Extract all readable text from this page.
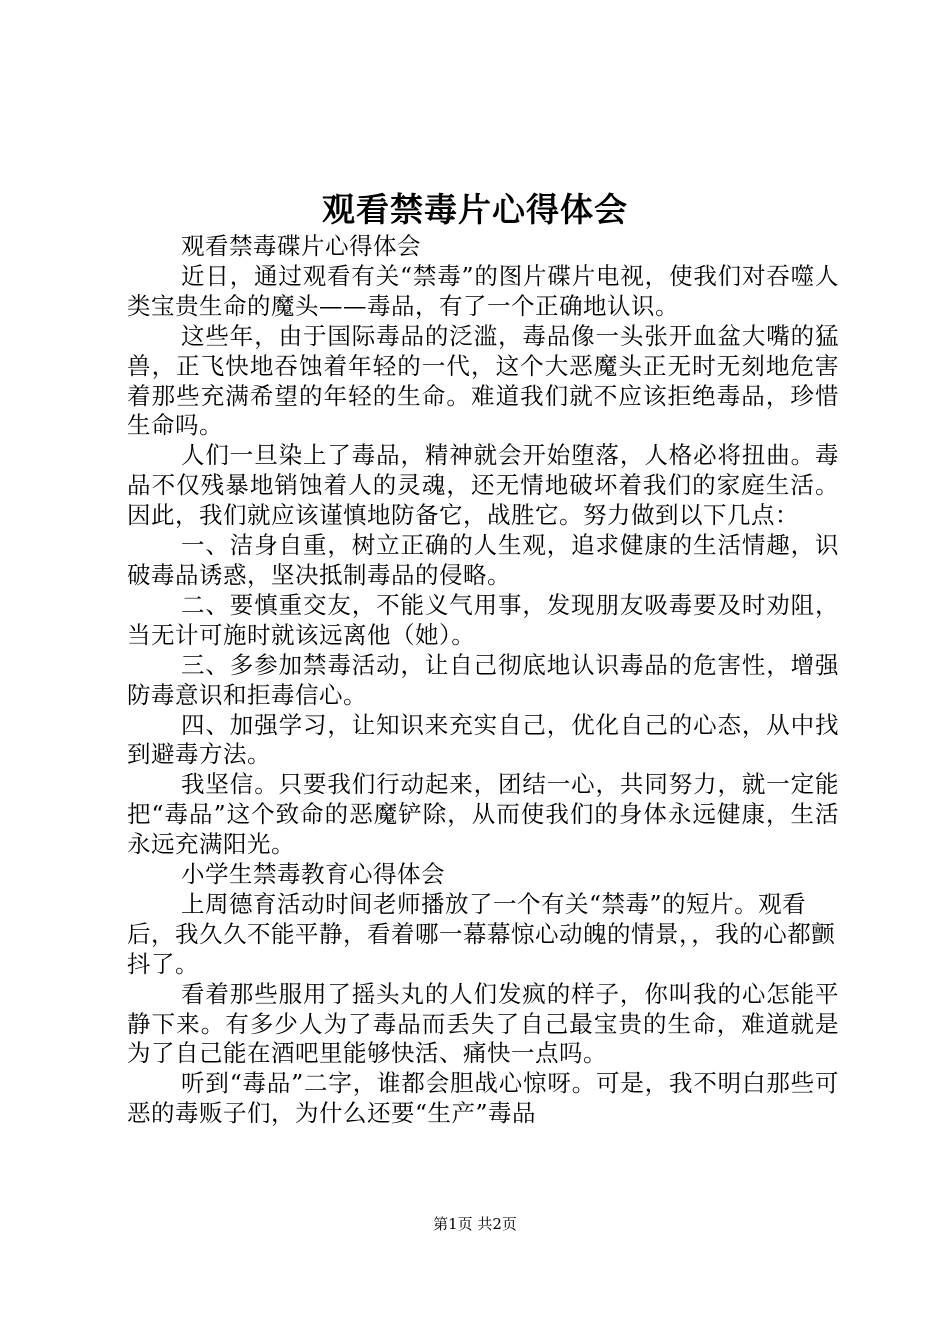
观看禁毒片心得体会

观看禁毒碟片心得体会

近日，通过观看有关“禁毒”的图片碟片电视，使我们对吞噬人类宝贵生命的魔头——毒品，有了一个正确地认识。

这些年，由于国际毒品的泛滥，毒品像一头张开血盆大嘴的猛兽，正飞快地吞蚀着年轻的一代，这个大恶魔头正无时无刻地危害着那些充满希望的年轻的生命。难道我们就不应该拒绝毒品，珍惜生命吗。

人们一旦染上了毒品，精神就会开始堕落，人格必将扭曲。毒品不仅残暴地销蚀着人的灵魂，还无情地破坏着我们的家庭生活。因此，我们就应该谨慎地防备它，战胜它。努力做到以下几点：

一、洁身自重，树立正确的人生观，追求健康的生活情趣，识破毒品诱惑，坚决抵制毒品的侵略。

二、要慎重交友，不能义气用事，发现朋友吸毒要及时劝阻，当无计可施时就该远离他（她）。

三、多参加禁毒活动，让自己彻底地认识毒品的危害性，增强防毒意识和拒毒信心。

四、加强学习，让知识来充实自己，优化自己的心态，从中找到避毒方法。

我坚信。只要我们行动起来，团结一心，共同努力，就一定能把“毒品”这个致命的恶魔铲除，从而使我们的身体永远健康，生活永远充满阳光。

小学生禁毒教育心得体会

上周德育活动时间老师播放了一个有关“禁毒”的短片。观看后，我久久不能平静，看着哪一幕幕惊心动魄的情景，，我的心都颤抖了。

看着那些服用了摇头丸的人们发疯的样子，你叫我的心怎能平静下来。有多少人为了毒品而丢失了自己最宝贵的生命，难道就是为了自己能在酒吧里能够快活、痛快一点吗。

听到“毒品”二字，谁都会胆战心惊呀。可是，我不明白那些可恶的毒贩子们，为什么还要“生产”毒品

第1页 共2页
